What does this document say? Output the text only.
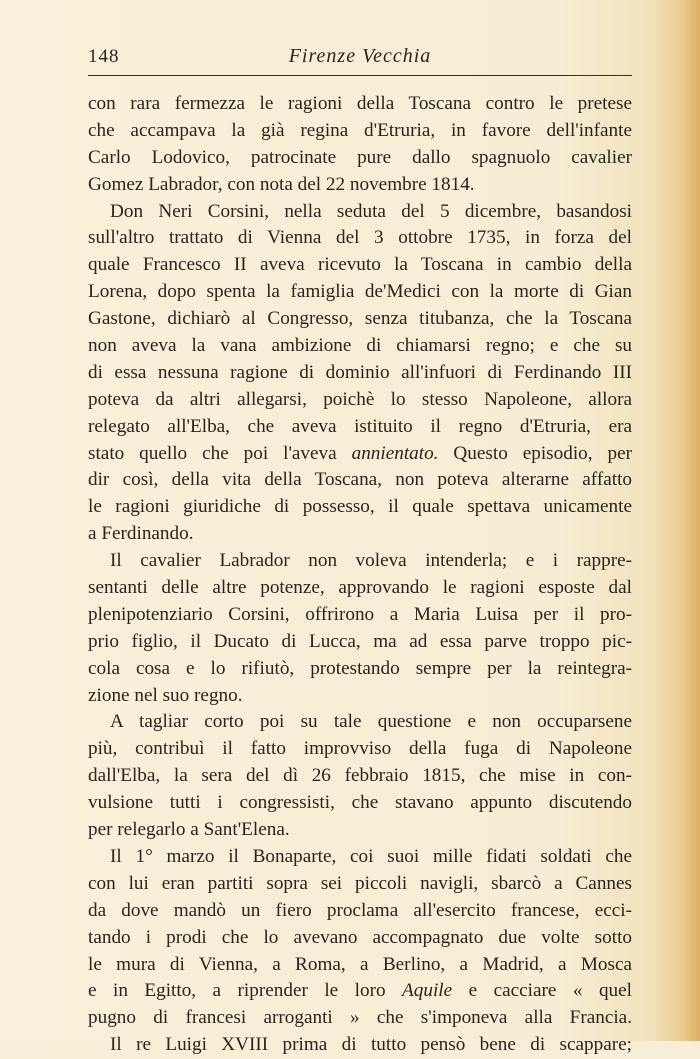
148	Firenze Vecchia
con rara fermezza le ragioni della Toscana contro le pretese
che accampava la già regina d'Etruria, in favore dell'infante
Carlo Lodovico, patrocinate pure dallo spagnuolo cavalier
Gomez Labrador, con nota del 22 novembre 1814.
Don Neri Corsini, nella seduta del 5 dicembre, basandosi
sull'altro trattato di Vienna del 3 ottobre 1735, in forza del
quale Francesco II aveva ricevuto la Toscana in cambio della
Lorena, dopo spenta la famiglia de'Medici con la morte di Gian
Gastone, dichiarò al Congresso, senza titubanza, che la Toscana
non aveva la vana ambizione di chiamarsi regno; e che su
di essa nessuna ragione di dominio all'infuori di Ferdinando III
poteva da altri allegarsi, poichè lo stesso Napoleone, allora
relegato all'Elba, che aveva istituito il regno d'Etruria, era
stato quello che poi l'aveva annientato. Questo episodio, per
dir così, della vita della Toscana, non poteva alterarne affatto
le ragioni giuridiche di possesso, il quale spettava unicamente
a Ferdinando.
Il cavalier Labrador non voleva intenderla; e i rappre-
sentanti delle altre potenze, approvando le ragioni esposte dal
plenipotenziario Corsini, offrirono a Maria Luisa per il pro-
prio figlio, il Ducato di Lucca, ma ad essa parve troppo pic-
cola cosa e lo rifiutò, protestando sempre per la reintegra-
zione nel suo regno.
A tagliar corto poi su tale questione e non occuparsene
più, contribuì il fatto improvviso della fuga di Napoleone
dall'Elba, la sera del dì 26 febbraio 1815, che mise in con-
vulsione tutti i congressisti, che stavano appunto discutendo
per relegarlo a Sant'Elena.
Il 1° marzo il Bonaparte, coi suoi mille fidati soldati che
con lui eran partiti sopra sei piccoli navigli, sbarcò a Cannes
da dove mandò un fiero proclama all'esercito francese, ecci-
tando i prodi che lo avevano accompagnato due volte sotto
le mura di Vienna, a Roma, a Berlino, a Madrid, a Mosca
e in Egitto, a riprender le loro Aquile e cacciare « quel
pugno di francesi arroganti » che s'imponeva alla Francia.
Il re Luigi XVIII prima di tutto pensò bene di scappare;
